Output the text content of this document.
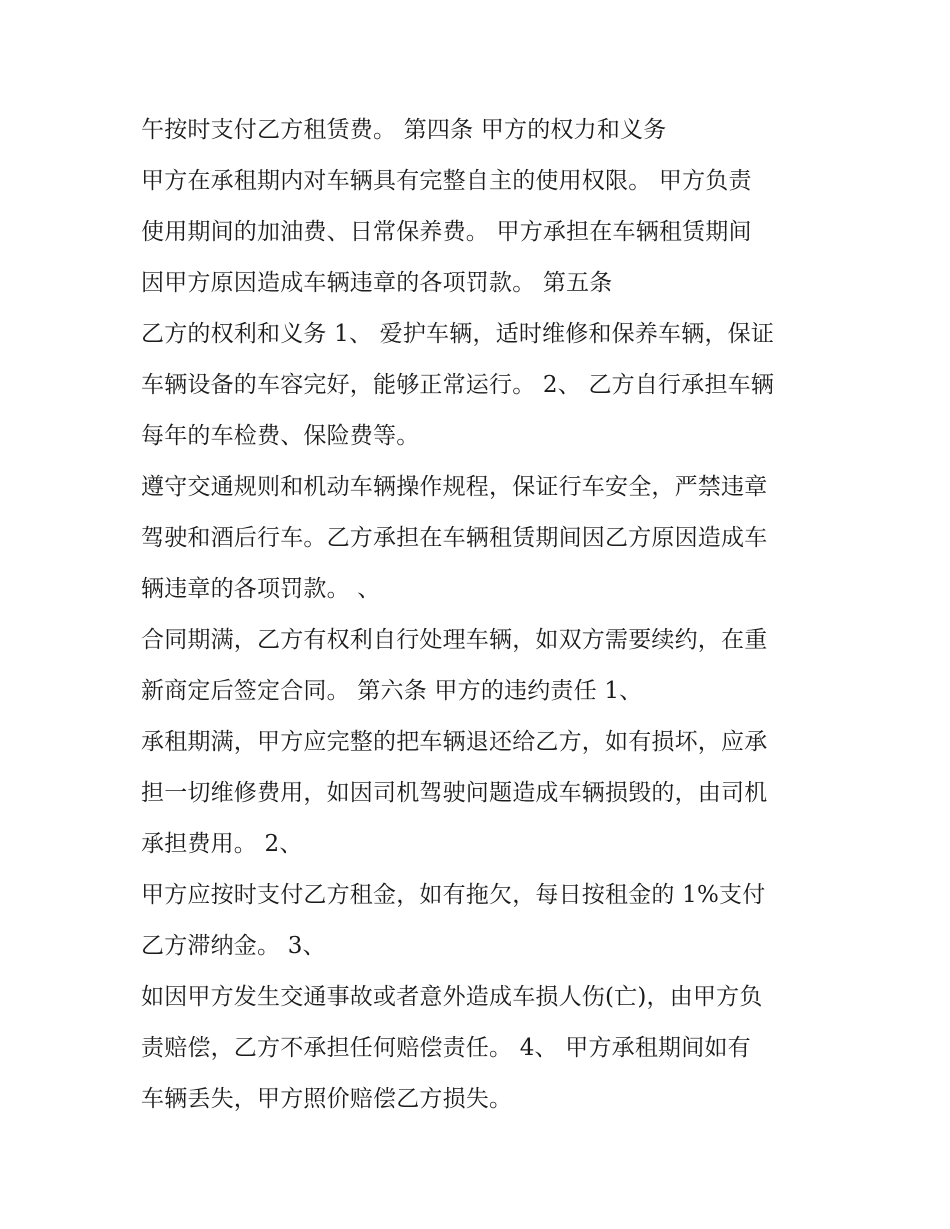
午按时支付乙方租赁费。 第四条 甲方的权力和义务
甲方在承租期内对车辆具有完整自主的使用权限。 甲方负责
使用期间的加油费、日常保养费。 甲方承担在车辆租赁期间
因甲方原因造成车辆违章的各项罚款。 第五条
乙方的权利和义务 1、 爱护车辆，适时维修和保养车辆，保证
车辆设备的车容完好，能够正常运行。 2、 乙方自行承担车辆
每年的车检费、保险费等。
遵守交通规则和机动车辆操作规程，保证行车安全，严禁违章
驾驶和酒后行车。乙方承担在车辆租赁期间因乙方原因造成车
辆违章的各项罚款。 、
合同期满，乙方有权利自行处理车辆，如双方需要续约，在重
新商定后签定合同。 第六条 甲方的违约责任 1、
承租期满，甲方应完整的把车辆退还给乙方，如有损坏，应承
担一切维修费用，如因司机驾驶问题造成车辆损毁的，由司机
承担费用。 2、
甲方应按时支付乙方租金，如有拖欠，每日按租金的 1%支付
乙方滞纳金。 3、
如因甲方发生交通事故或者意外造成车损人伤(亡)，由甲方负
责赔偿，乙方不承担任何赔偿责任。 4、 甲方承租期间如有
车辆丢失，甲方照价赔偿乙方损失。
